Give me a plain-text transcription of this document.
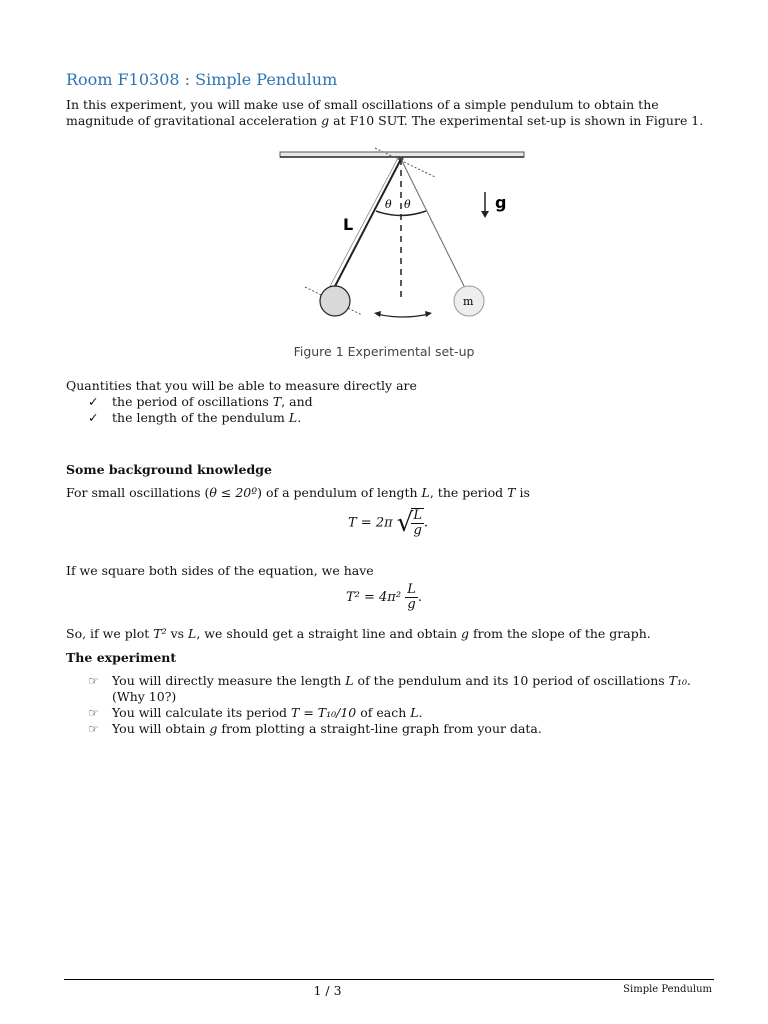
Room F10308 : Simple Pendulum
In this experiment, you will make use of small oscillations of a simple pendulum to obtain the magnitude of gravitational acceleration g at F10 SUT. The experimental set-up is shown in Figure 1.
θ θ
L
g
m
Figure 1 Experimental set-up
Quantities that you will be able to measure directly are
✓ the period of oscillations T, and
✓ the length of the pendulum L.
Some background knowledge
For small oscillations (θ ≤ 20º) of a pendulum of length L, the period T is
T = 2π √
$\frac{L}{g}$ .
If we square both sides of the equation, we have
$T^2 = 4\pi^2 \frac{L}{g}$ .
So, if we plot T² vs L, we should get a straight line and obtain g from the slope of the graph.
The experiment
☞ You will directly measure the length L of the pendulum and its 10 period of oscillations T₁₀. (Why 10?)
☞ You will calculate its period T = T₁₀/10 of each L.
☞ You will obtain g from plotting a straight-line graph from your data.
1 / 3	Simple Pendulum
